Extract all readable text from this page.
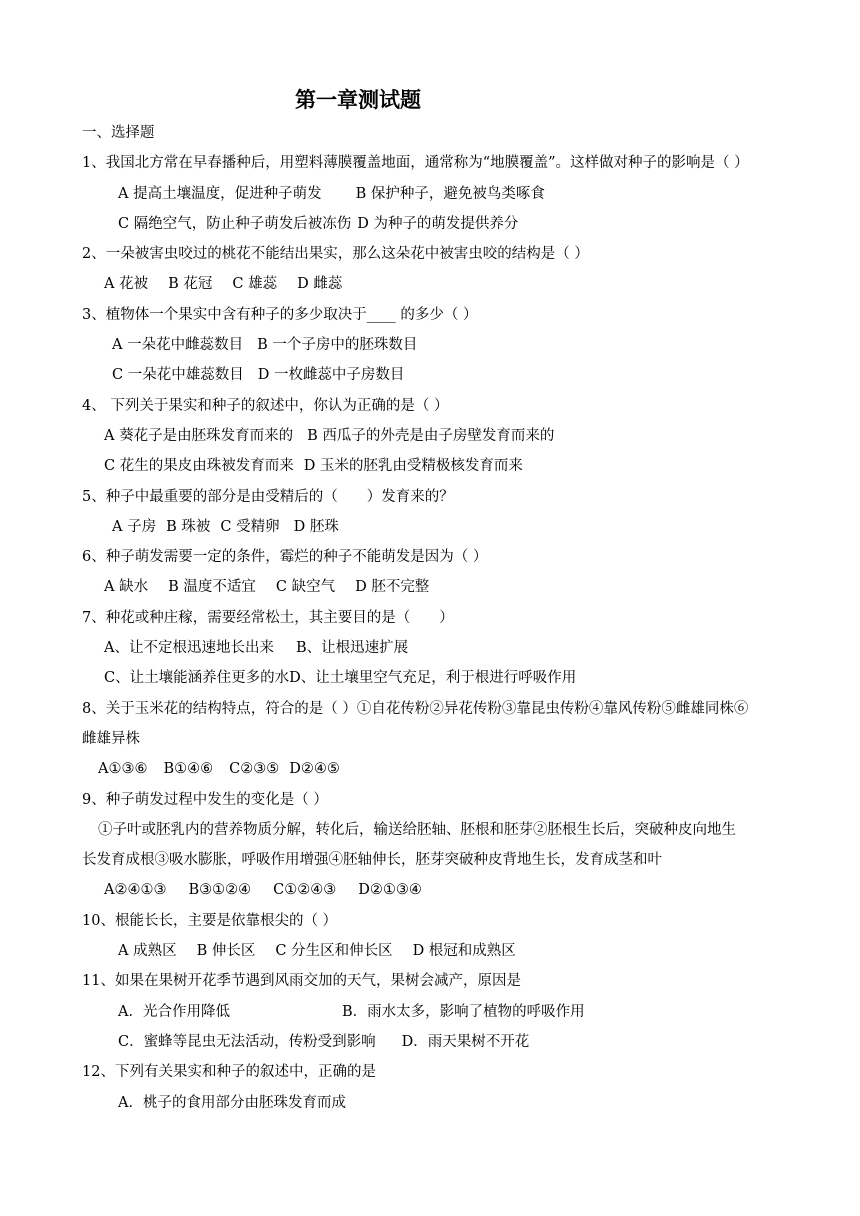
第一章测试题
一、选择题
1、我国北方常在早春播种后，用塑料薄膜覆盖地面，通常称为“地膜覆盖”。这样做对种子的影响是（ ）
A 提高土壤温度，促进种子萌发 B 保护种子，避免被鸟类啄食
C 隔绝空气，防止种子萌发后被冻伤 D 为种子的萌发提供养分
2、一朵被害虫咬过的桃花不能结出果实，那么这朵花中被害虫咬的结构是（ ）
A 花被 B 花冠 C 雄蕊 D 雌蕊
3、植物体一个果实中含有种子的多少取决于____ 的多少（ ）
A 一朵花中雌蕊数目 B 一个子房中的胚珠数目
C 一朵花中雄蕊数目 D 一枚雌蕊中子房数目
4、 下列关于果实和种子的叙述中，你认为正确的是（ ）
A 葵花子是由胚珠发育而来的 B 西瓜子的外壳是由子房壁发育而来的
C 花生的果皮由珠被发育而来 D 玉米的胚乳由受精极核发育而来
5、种子中最重要的部分是由受精后的（　　）发育来的？
A 子房 B 珠被 C 受精卵 D 胚珠
6、种子萌发需要一定的条件，霉烂的种子不能萌发是因为（ ）
A 缺水 B 温度不适宜 C 缺空气 D 胚不完整
7、种花或种庄稼，需要经常松土，其主要目的是（　　）
A、让不定根迅速地长出来 B、让根迅速扩展
C、让土壤能涵养住更多的水D、让土壤里空气充足，利于根进行呼吸作用
8、关于玉米花的结构特点，符合的是（ ）①自花传粉②异花传粉③靠昆虫传粉④靠风传粉⑤雌雄同株⑥
雌雄异株
A①③⑥ B①④⑥ C②③⑤ D②④⑤
9、种子萌发过程中发生的变化是（ ）
①子叶或胚乳内的营养物质分解，转化后，输送给胚轴、胚根和胚芽②胚根生长后，突破种皮向地生
长发育成根③吸水膨胀，呼吸作用增强④胚轴伸长，胚芽突破种皮背地生长，发育成茎和叶
A②④①③ B③①②④ C①②④③ D②①③④
10、根能长长，主要是依靠根尖的（ ）
A 成熟区 B 伸长区 C 分生区和伸长区 D 根冠和成熟区
11、如果在果树开花季节遇到风雨交加的天气，果树会减产，原因是
A．光合作用降低	B．雨水太多，影响了植物的呼吸作用
C．蜜蜂等昆虫无法活动，传粉受到影响 D．雨天果树不开花
12、下列有关果实和种子的叙述中，正确的是
A．桃子的食用部分由胚珠发育而成
